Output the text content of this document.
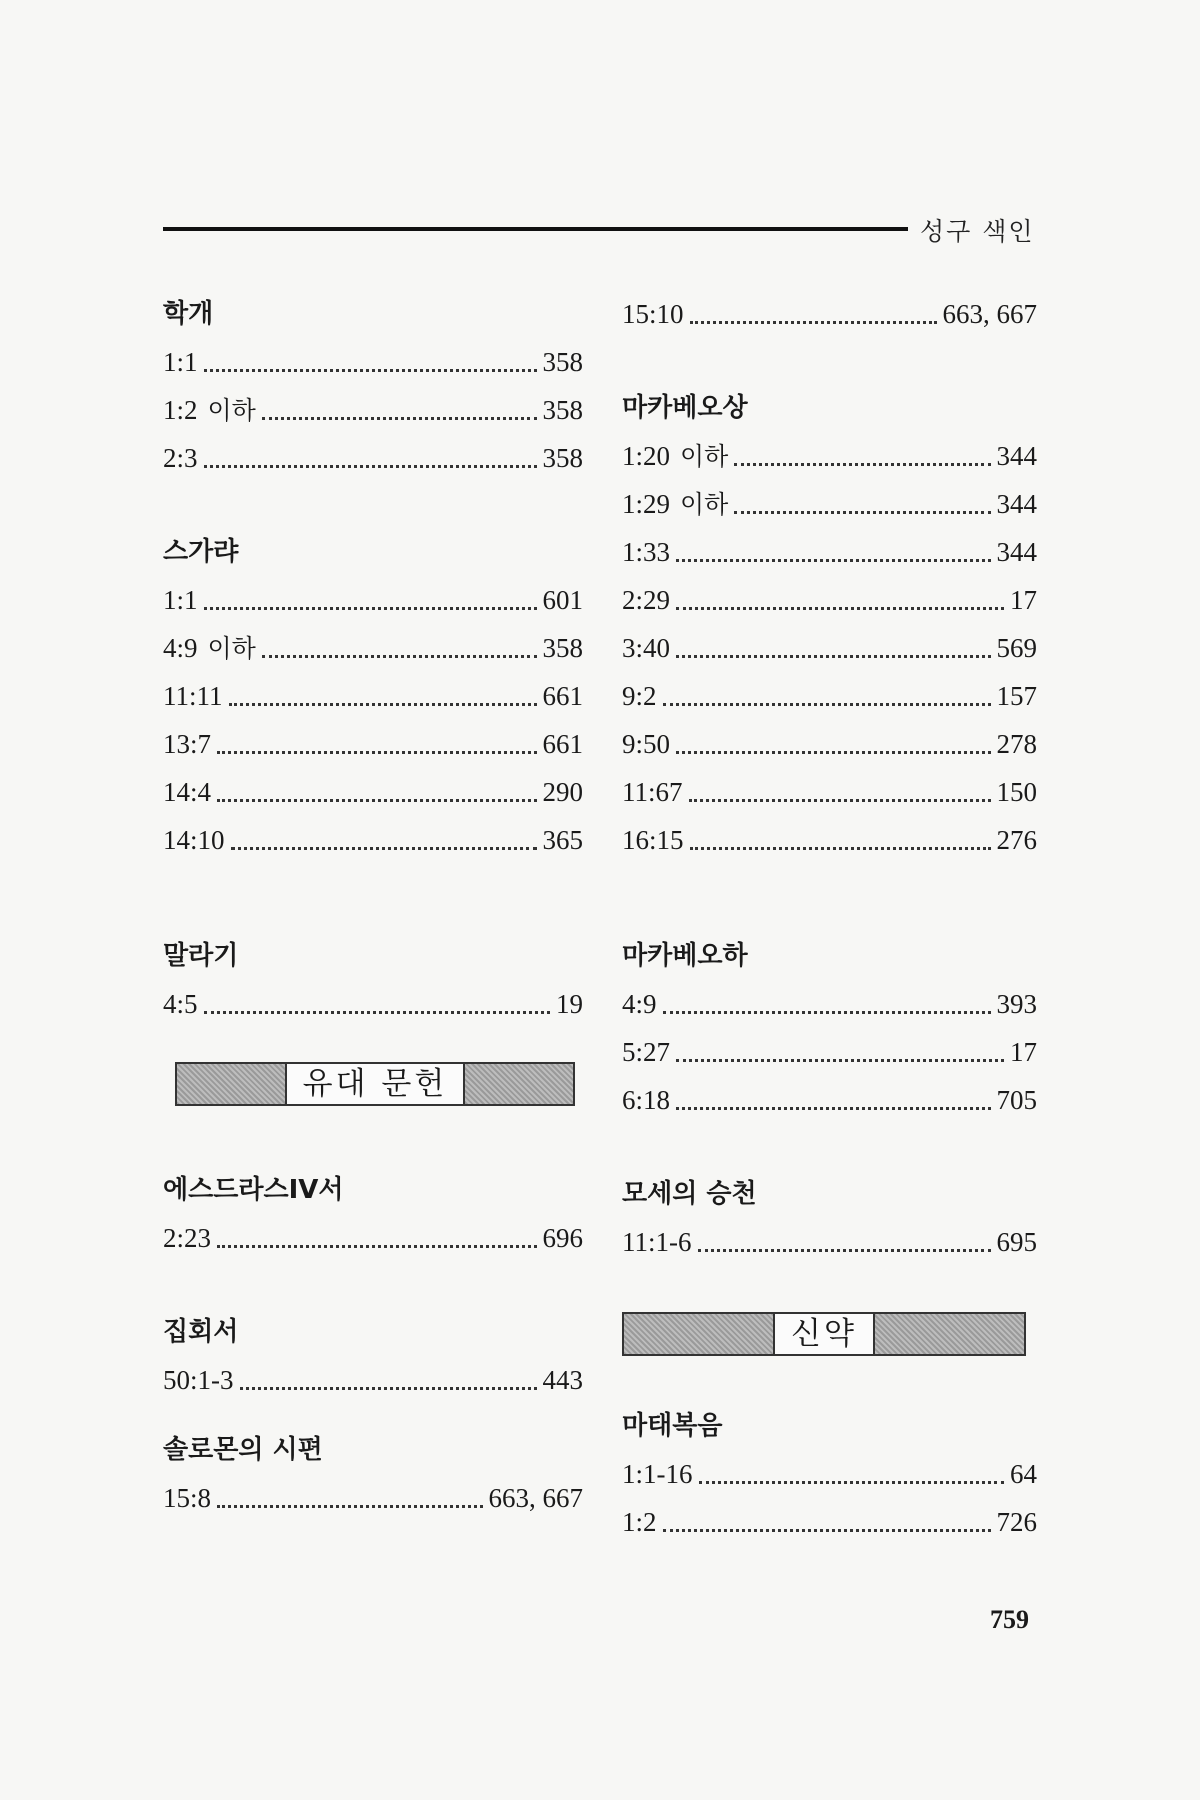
성구 색인
학개
1:1	358
1:2 이하	358
2:3	358
스가랴
1:1	601
4:9 이하	358
11:11	661
13:7	661
14:4	290
14:10	365
말라기
4:5	19
유대 문헌
에스드라스IV서
2:23	696
집회서
50:1-3	443
솔로몬의 시편
15:8	663, 667
15:10	663, 667
마카베오상
1:20 이하	344
1:29 이하	344
1:33	344
2:29	17
3:40	569
9:2	157
9:50	278
11:67	150
16:15	276
마카베오하
4:9	393
5:27	17
6:18	705
모세의 승천
11:1-6	695
신약
마태복음
1:1-16	64
1:2	726
759
